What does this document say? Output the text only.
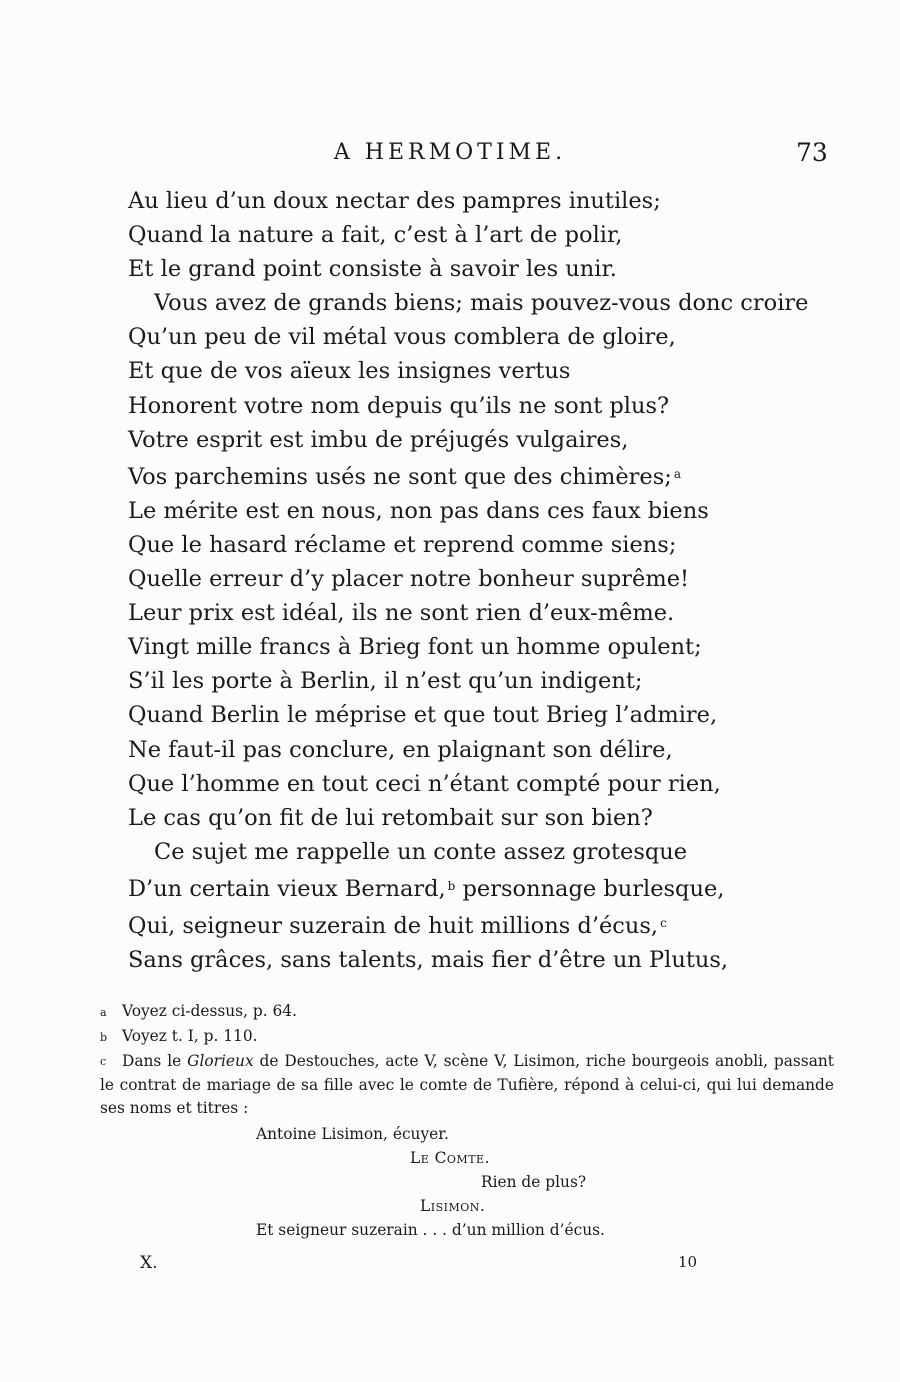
A HERMOTIME.	73
Au lieu d’un doux nectar des pampres inutiles;
Quand la nature a fait, c’est à l’art de polir,
Et le grand point consiste à savoir les unir.
Vous avez de grands biens; mais pouvez-vous donc croire
Qu’un peu de vil métal vous comblera de gloire,
Et que de vos aïeux les insignes vertus
Honorent votre nom depuis qu’ils ne sont plus?
Votre esprit est imbu de préjugés vulgaires,
Vos parchemins usés ne sont que des chimères; $^a$
Le mérite est en nous, non pas dans ces faux biens
Que le hasard réclame et reprend comme siens;
Quelle erreur d’y placer notre bonheur suprême!
Leur prix est idéal, ils ne sont rien d’eux-même.
Vingt mille francs à Brieg font un homme opulent;
S’il les porte à Berlin, il n’est qu’un indigent;
Quand Berlin le méprise et que tout Brieg l’admire,
Ne faut-il pas conclure, en plaignant son délire,
Que l’homme en tout ceci n’étant compté pour rien,
Le cas qu’on fit de lui retombait sur son bien?
Ce sujet me rappelle un conte assez grotesque
D’un certain vieux Bernard, $^b$ personnage burlesque,
Qui, seigneur suzerain de huit millions d’écus, $^c$
Sans grâces, sans talents, mais fier d’être un Plutus,
a	Voyez ci-dessus, p. 64.
b Voyez t. I, p. 110.
c Dans le Glorieux de Destouches, acte V, scène V, Lisimon, riche bourgeois anobli, passant le contrat de mariage de sa fille avec le comte de Tufière, répond à celui-ci, qui lui demande ses noms et titres :
Antoine Lisimon, écuyer.
Le Comte.
Rien de plus?
Lisimon.
Et seigneur suzerain . . . d’un million d’écus.
X.	10
